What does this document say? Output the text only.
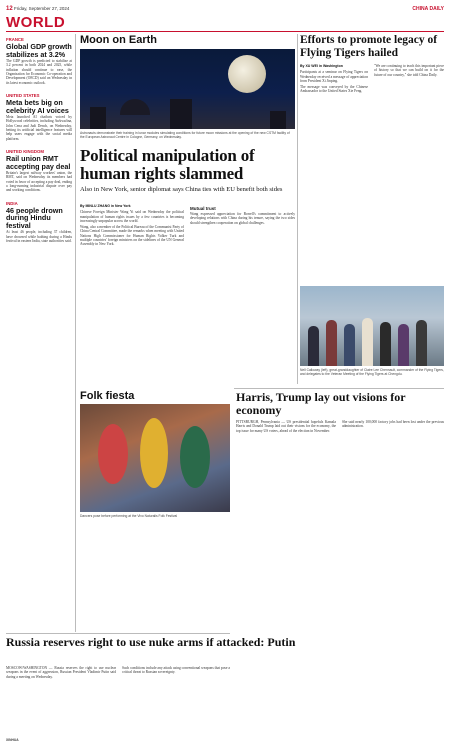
12 Friday, September 27, 2024	CHINA DAILY
WORLD
FRANCE
Global GDP growth stabilizes at 3.2%
The GDP growth is predicted to stabilize at 3.2 percent in both 2024 and 2025, while inflation should continue to ease, the Organisation for Economic Co-operation and Development (OECD) said on Wednesday in its latest economic outlook.
UNITED STATES
Meta bets big on celebrity AI voices
Meta launched AI chatbots voiced by Hollywood celebrities, including Awkwafina, John Cena and Judi Dench, on Wednesday, betting its artificial intelligence features will help users engage with the social media platform.
UNITED KINGDOM
Rail union RMT accepting pay deal
Britain's largest railway workers' union, the RMT, said on Wednesday its members had voted in favor of accepting a pay deal, ending a long-running industrial dispute over pay and working conditions.
INDIA
46 people drown during Hindu festival
At least 46 people, including 37 children, have drowned while bathing during a Hindu festival in eastern India, state authorities said.
Moon on Earth
Astronauts demonstrate their training in lunar modules simulating conditions for future moon missions at the opening of the new CSTM facility of the European Astronaut Centre in Cologne, Germany, on Wednesday.
Political manipulation of human rights slammed
Also in New York, senior diplomat says China ties with EU benefit both sides
By MINLU ZHANG in New York
Chinese Foreign Minister Wang Yi said on Wednesday the political manipulation of human rights issues by a few countries is becoming increasingly unpopular across the world.
Wang, also a member of the Political Bureau of the Communist Party of China Central Committee, made the remarks when meeting with United Nations High Commissioner for Human Rights Volker Turk and multiple countries' foreign ministers on the sidelines of the UN General Assembly in New York.
Mutual trust
Wang expressed appreciation for Borrell's commitment to actively developing relations with China during his tenure, saying the two sides should strengthen cooperation on global challenges.
Folk fiesta
Dancers pose before performing at the Vivo Naturalis Folk Festival
Efforts to promote legacy of Flying Tigers hailed
By XU WEI in Washington
Participants at a seminar on Flying Tigers on Wednesday received a message of appreciation from President Xi Jinping.
The message was conveyed by the Chinese Ambassador to the United States Xie Feng.
"We are continuing to teach this important piece of history so that we can build on it for the future of our country," she told China Daily.
Nell Calloway (left), great-granddaughter of Claire Lee Chennault, commander of the Flying Tigers, and delegates to the Veteran Meeting of the Flying Tigers at Chengdu.
Harris, Trump lay out visions for economy
PITTSBURGH, Pennsylvania — US presidential hopefuls Kamala Harris and Donald Trump laid out their visions for the economy, the top issue for many US voters, ahead of the election in November.
She said nearly 100,000 factory jobs had been lost under the previous administration.
Russia reserves right to use nuke arms if attacked: Putin
MOSCOW/WASHINGTON — Russia reserves the right to use nuclear weapons in the event of aggression, Russian President Vladimir Putin said during a meeting on Wednesday.
Such conditions include any attack using conventional weapons that pose a critical threat to Russian sovereignty.
XINHUA
